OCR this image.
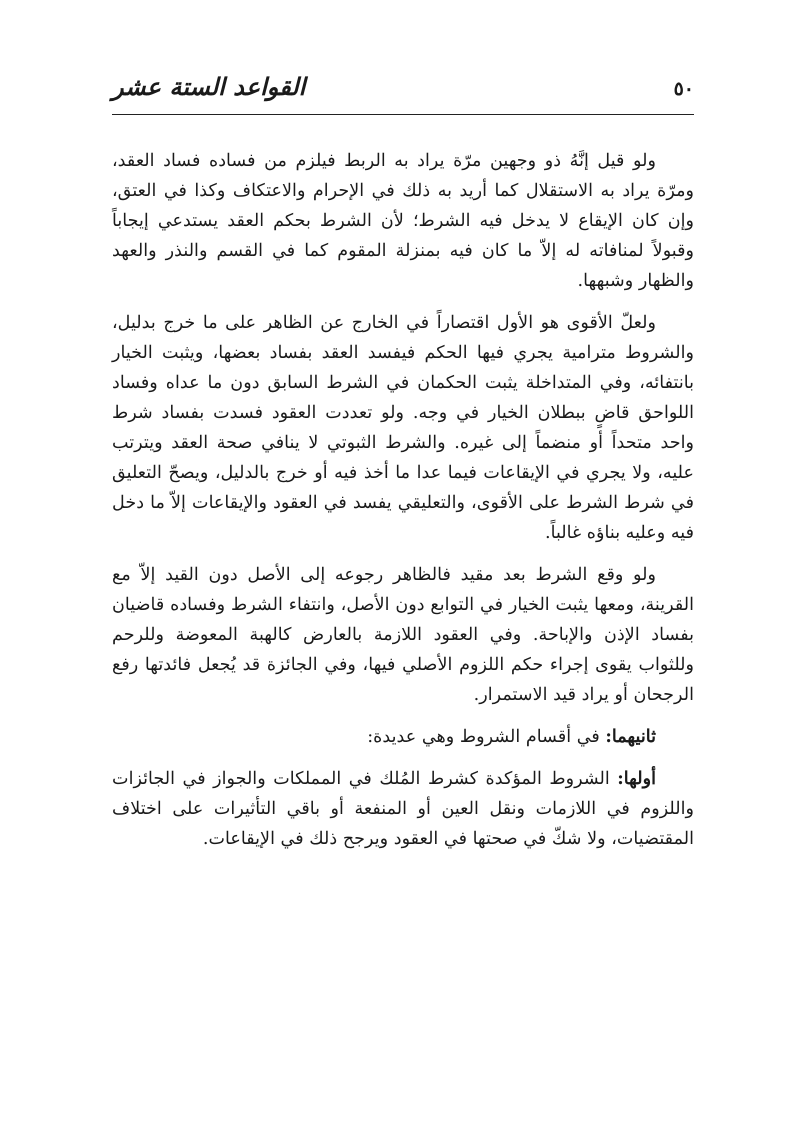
٥٠
القواعد الستة عشر

ولو قيل إنَّهُ ذو وجهين مرّة يراد به الربط فيلزم من فساده فساد العقد، ومرّة يراد به الاستقلال كما أريد به ذلك في الإحرام والاعتكاف وكذا في العتق، وإن كان الإيقاع لا يدخل فيه الشرط؛ لأن الشرط بحكم العقد يستدعي إيجاباً وقبولاً لمنافاته له إلاّ ما كان فيه بمنزلة المقوم كما في القسم والنذر والعهد والظهار وشبهها.

ولعلّ الأقوى هو الأول اقتصاراً في الخارج عن الظاهر على ما خرج بدليل، والشروط مترامية يجري فيها الحكم فيفسد العقد بفساد بعضها، ويثبت الخيار بانتفائه، وفي المتداخلة يثبت الحكمان في الشرط السابق دون ما عداه وفساد اللواحق قاضٍ ببطلان الخيار في وجه. ولو تعددت العقود فسدت بفساد شرط واحد متحداً أو منضماً إلى غيره. والشرط الثبوتي لا ينافي صحة العقد ويترتب عليه، ولا يجري في الإيقاعات فيما عدا ما أخذ فيه أو خرج بالدليل، ويصحّ التعليق في شرط الشرط على الأقوى، والتعليقي يفسد في العقود والإيقاعات إلاّ ما دخل فيه وعليه بناؤه غالباً.

ولو وقع الشرط بعد مقيد فالظاهر رجوعه إلى الأصل دون القيد إلاّ مع القرينة، ومعها يثبت الخيار في التوابع دون الأصل، وانتفاء الشرط وفساده قاضيان بفساد الإذن والإباحة. وفي العقود اللازمة بالعارض كالهبة المعوضة وللرحم وللثواب يقوى إجراء حكم اللزوم الأصلي فيها، وفي الجائزة قد يُجعل فائدتها رفع الرجحان أو يراد قيد الاستمرار.

ثانيهما: في أقسام الشروط وهي عديدة:

أولها: الشروط المؤكدة كشرط المُلك في المملكات والجواز في الجائزات واللزوم في اللازمات ونقل العين أو المنفعة أو باقي التأثيرات على اختلاف المقتضيات، ولا شكّ في صحتها في العقود ويرجح ذلك في الإيقاعات.
